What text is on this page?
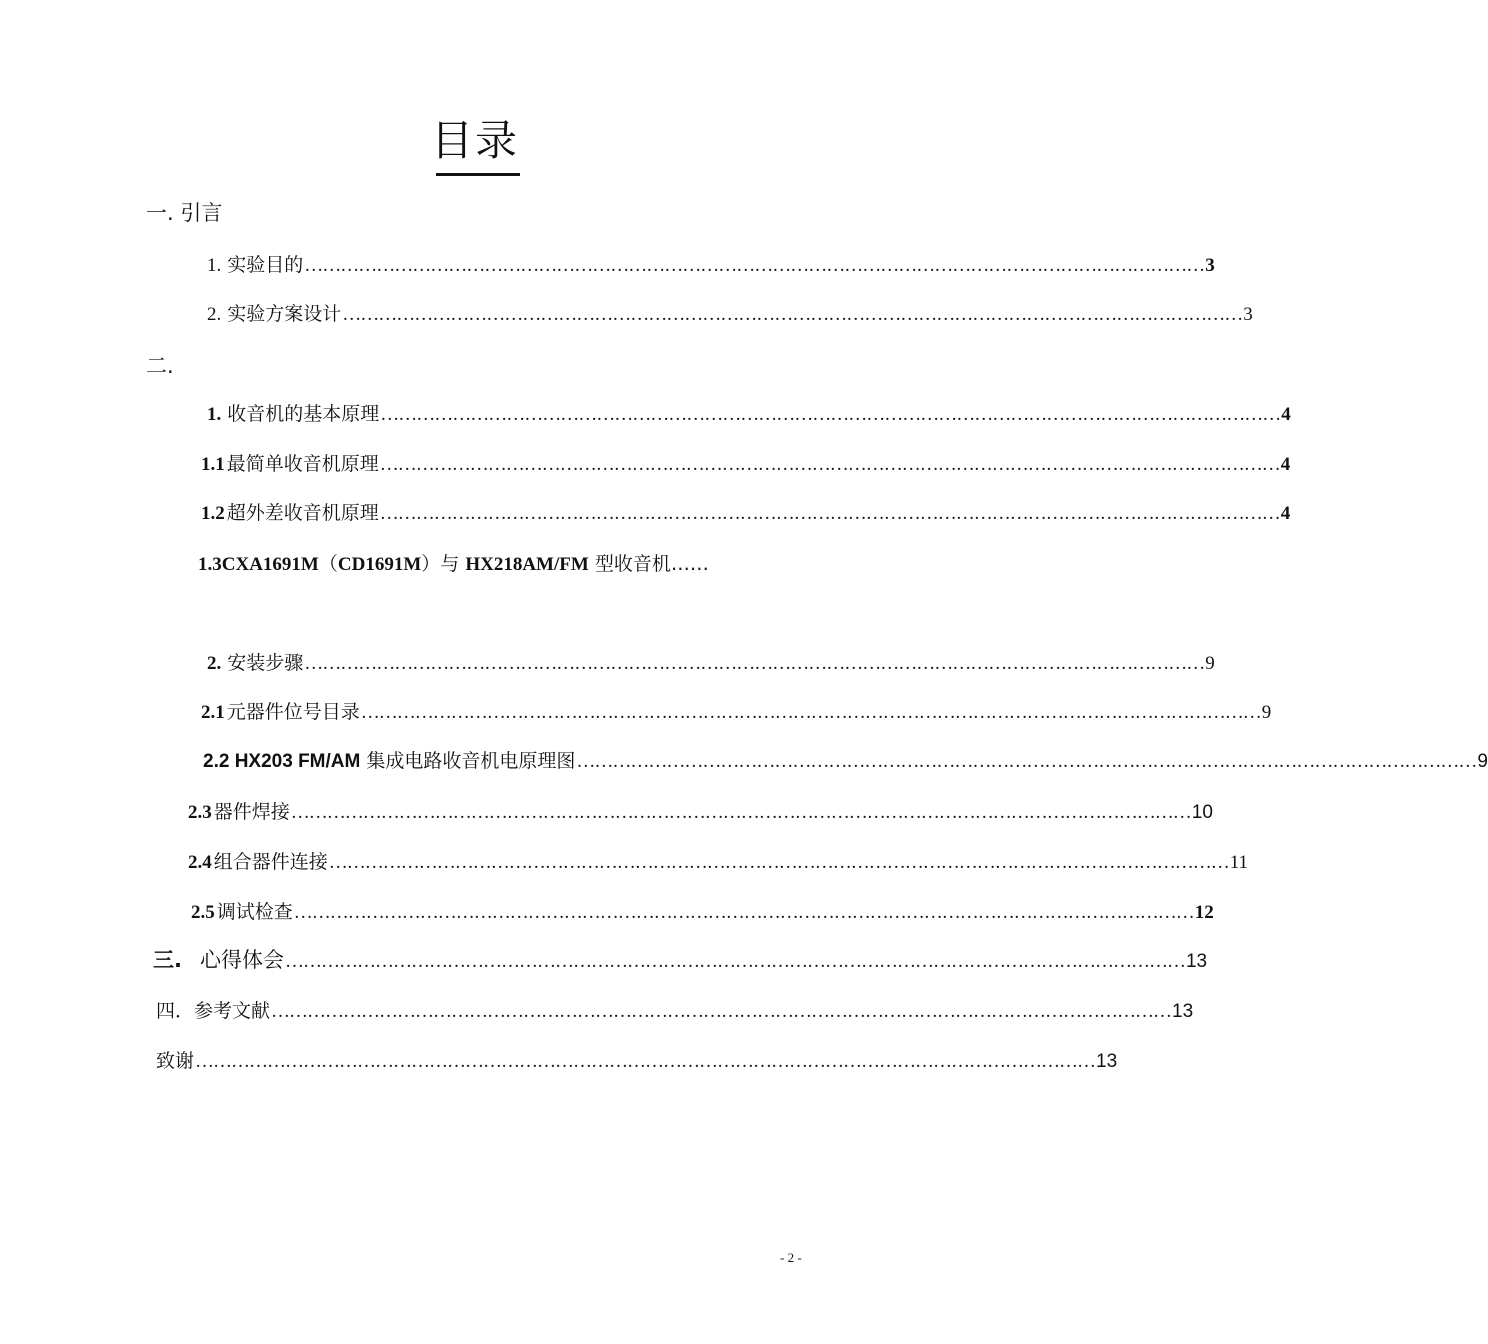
目录
一. 引言
1. 实验目的 …………………………………………………………………………………………………………………………………… 3
2. 实验方案设计 …………………………………………………………………………………………………………………………………… 3
二.
1. 收音机的基本原理 …………………………………………………………………………………………………………………………………… 4
1.1 最简单收音机原理 …………………………………………………………………………………………………………………………………… 4
1.2 超外差收音机原理 …………………………………………………………………………………………………………………………………… 4
1.3CXA1691M（CD1691M）与 HX218AM/FM 型收音机……
2. 安装步骤 …………………………………………………………………………………………………………………………………… 9
2.1 元器件位号目录 …………………………………………………………………………………………………………………………………… 9
2.2 HX203 FM/AM 集成电路收音机电原理图 …………………………………………………………………………………………………………………………………… 9
2.3 器件焊接 …………………………………………………………………………………………………………………………………… 10
2.4 组合器件连接 …………………………………………………………………………………………………………………………………… 11
2.5 调试检查 …………………………………………………………………………………………………………………………………… 12
三. 心得体会 …………………………………………………………………………………………………………………………………… 13
四．参考文献 …………………………………………………………………………………………………………………………………… 13
致谢 …………………………………………………………………………………………………………………………………… 13
- 2 -
